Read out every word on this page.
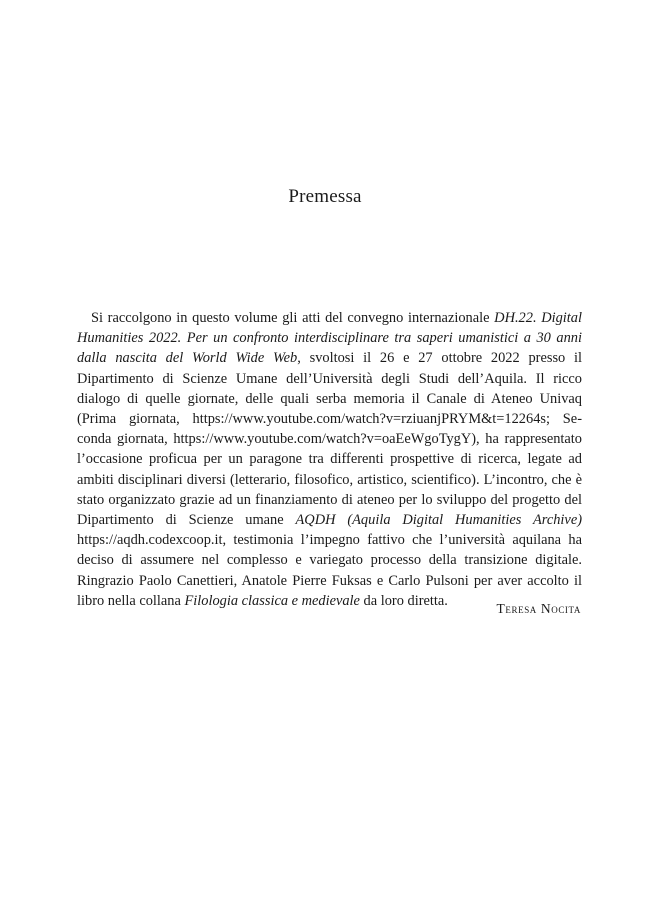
Premessa

Si raccolgono in questo volume gli atti del convegno internazionale DH.22. Digital Humanities 2022. Per un confronto interdisciplinare tra saperi umanistici a 30 anni dalla nascita del World Wide Web, svoltosi il 26 e 27 ottobre 2022 presso il Dipartimento di Scienze Umane dell’Università degli Studi dell’Aquila. Il ricco dialogo di quelle giornate, delle quali serba memoria il Canale di Ateneo Univaq (Prima giornata, https://www.youtube.com/watch?v=rziuanjPRYM&t=12264s; Seconda giornata, https://www.youtube.com/watch?v=oaEeWgoTygY), ha rappresentato l’occasione proficua per un paragone tra differenti prospettive di ricerca, legate ad ambiti disciplinari diversi (letterario, filosofico, artistico, scientifico). L’incontro, che è stato organizzato grazie ad un finanziamento di ateneo per lo sviluppo del progetto del Dipartimento di Scienze umane AQDH (Aquila Digital Humanities Archive) https://aqdh.codexcoop.it, testimonia l’impegno fattivo che l’università aquilana ha deciso di assumere nel complesso e variegato processo della transizione digitale. Ringrazio Paolo Canettieri, Anatole Pierre Fuksas e Carlo Pulsoni per aver accolto il libro nella collana Filologia classica e medievale da loro diretta.	Teresa Nocita
